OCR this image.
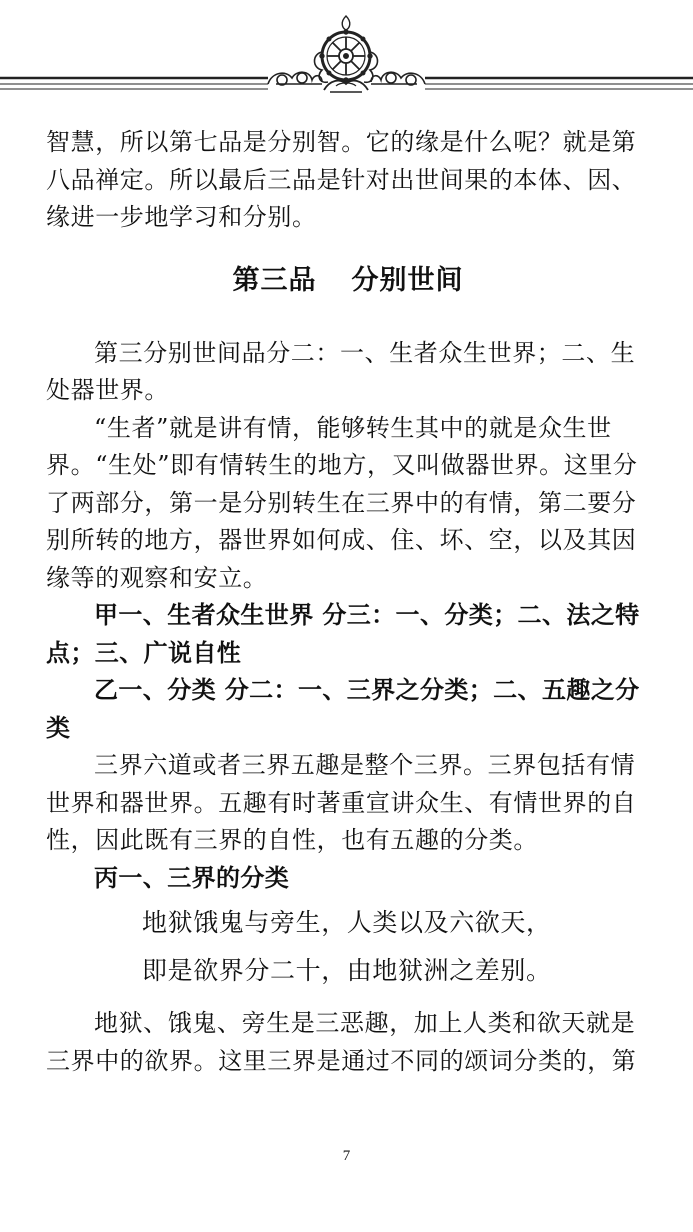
智慧，所以第七品是分别智。它的缘是什么呢？就是第八品禅定。所以最后三品是针对出世间果的本体、因、缘进一步地学习和分别。

第三品 分别世间

第三分别世间品分二：一、生者众生世界；二、生处器世界。

“生者”就是讲有情，能够转生其中的就是众生世界。“生处”即有情转生的地方，又叫做器世界。这里分了两部分，第一是分别转生在三界中的有情，第二要分别所转的地方，器世界如何成、住、坏、空，以及其因缘等的观察和安立。

甲一、生者众生世界 分三：一、分类；二、法之特点；三、广说自性

乙一、分类 分二：一、三界之分类；二、五趣之分类

三界六道或者三界五趣是整个三界。三界包括有情世界和器世界。五趣有时著重宣讲众生、有情世界的自性，因此既有三界的自性，也有五趣的分类。

丙一、三界的分类

地狱饿鬼与旁生，人类以及六欲天，

即是欲界分二十，由地狱洲之差别。

地狱、饿鬼、旁生是三恶趣，加上人类和欲天就是三界中的欲界。这里三界是通过不同的颂词分类的，第

7
